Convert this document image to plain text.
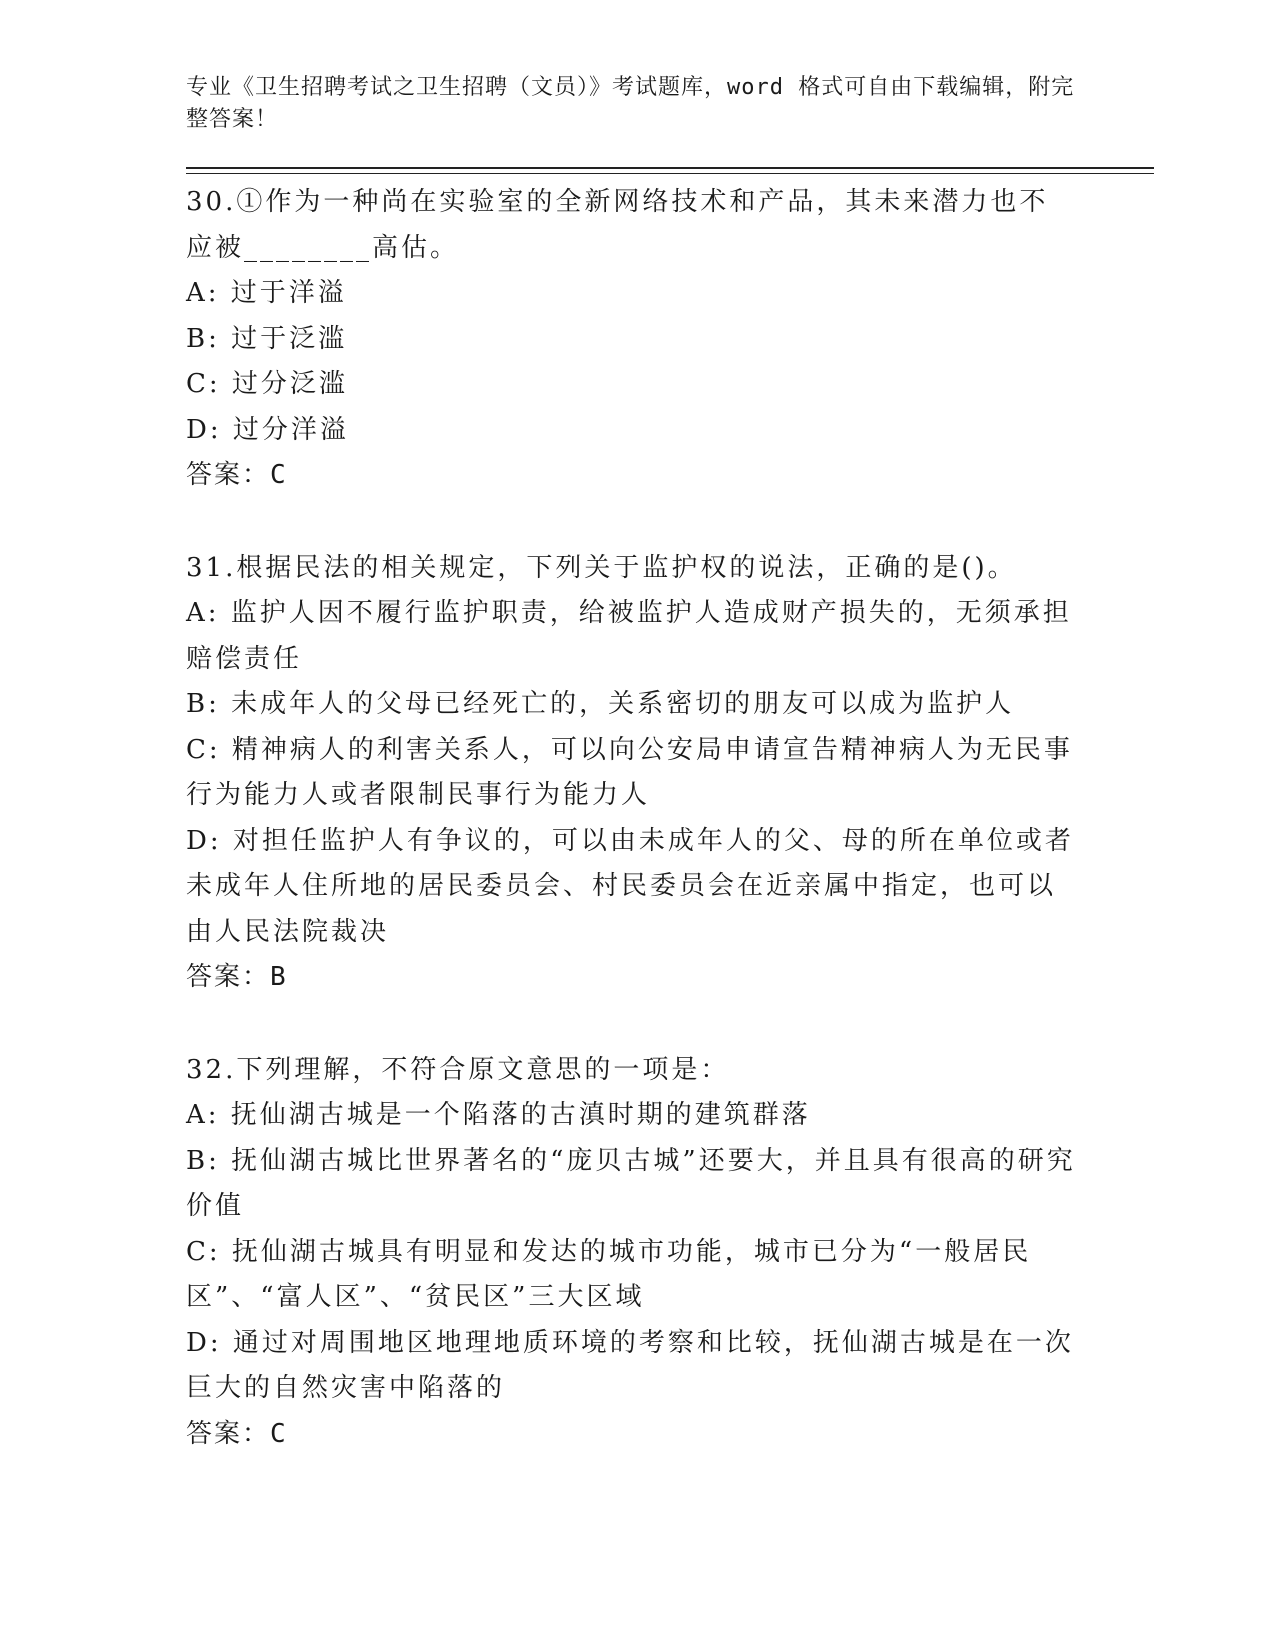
专业《卫生招聘考试之卫生招聘（文员）》考试题库，word 格式可自由下载编辑，附完整答案！

30.①作为一种尚在实验室的全新网络技术和产品，其未来潜力也不应被________高估。

A: 过于洋溢

B: 过于泛滥

C: 过分泛滥

D: 过分洋溢

答案：C

31.根据民法的相关规定，下列关于监护权的说法，正确的是()。

A: 监护人因不履行监护职责，给被监护人造成财产损失的，无须承担赔偿责任

B: 未成年人的父母已经死亡的，关系密切的朋友可以成为监护人

C: 精神病人的利害关系人，可以向公安局申请宣告精神病人为无民事行为能力人或者限制民事行为能力人

D: 对担任监护人有争议的，可以由未成年人的父、母的所在单位或者未成年人住所地的居民委员会、村民委员会在近亲属中指定，也可以由人民法院裁决

答案：B

32.下列理解，不符合原文意思的一项是：

A: 抚仙湖古城是一个陷落的古滇时期的建筑群落

B: 抚仙湖古城比世界著名的“庞贝古城”还要大，并且具有很高的研究价值

C: 抚仙湖古城具有明显和发达的城市功能，城市已分为“一般居民区”、“富人区”、“贫民区”三大区域

D: 通过对周围地区地理地质环境的考察和比较，抚仙湖古城是在一次巨大的自然灾害中陷落的

答案：C
